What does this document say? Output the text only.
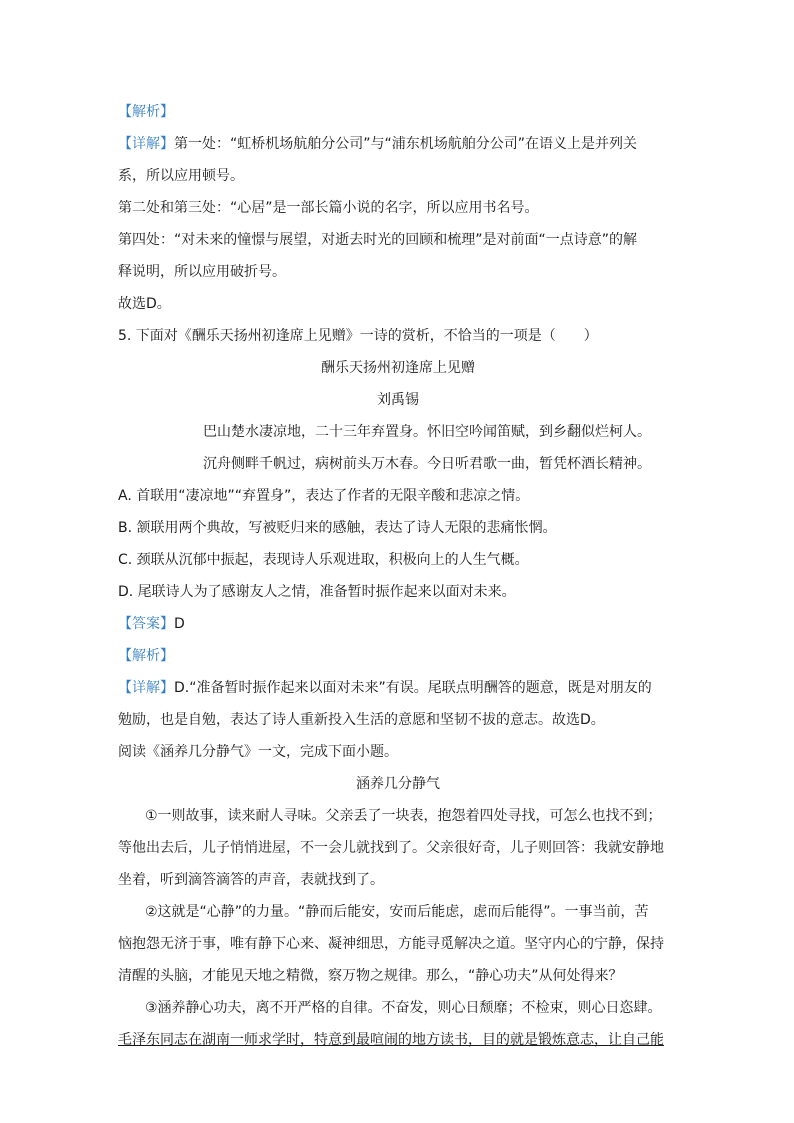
【解析】
【详解】第一处：“虹桥机场航舶分公司”与“浦东机场航舶分公司”在语义上是并列关
系，所以应用顿号。
第二处和第三处：“心居”是一部长篇小说的名字，所以应用书名号。
第四处：“对未来的憧憬与展望，对逝去时光的回顾和梳理”是对前面“一点诗意”的解
释说明，所以应用破折号。
故选D。
5. 下面对《酬乐天扬州初逢席上见赠》一诗的赏析，不恰当的一项是（　　）
酬乐天扬州初逢席上见赠
刘禹锡
巴山楚水凄凉地，二十三年弃置身。怀旧空吟闻笛赋，到乡翻似烂柯人。
沉舟侧畔千帆过，病树前头万木春。今日听君歌一曲，暂凭杯酒长精神。
A. 首联用“凄凉地”“弃置身”，表达了作者的无限辛酸和悲凉之情。
B. 颔联用两个典故，写被贬归来的感触，表达了诗人无限的悲痛怅惘。
C. 颈联从沉郁中振起，表现诗人乐观进取，积极向上的人生气概。
D. 尾联诗人为了感谢友人之情，准备暂时振作起来以面对未来。
【答案】D
【解析】
【详解】D.“准备暂时振作起来以面对未来”有误。尾联点明酬答的题意，既是对朋友的
勉励，也是自勉，表达了诗人重新投入生活的意愿和坚韧不拔的意志。故选D。
阅读《涵养几分静气》一文，完成下面小题。
涵养几分静气
①一则故事，读来耐人寻味。父亲丢了一块表，抱怨着四处寻找，可怎么也找不到；
等他出去后，儿子悄悄进屋，不一会儿就找到了。父亲很好奇，儿子则回答：我就安静地
坐着，听到滴答滴答的声音，表就找到了。
②这就是“心静”的力量。“静而后能安，安而后能虑，虑而后能得”。一事当前，苦
恼抱怨无济于事，唯有静下心来、凝神细思，方能寻觅解决之道。坚守内心的宁静，保持
清醒的头脑，才能见天地之精微，察万物之规律。那么，“静心功夫”从何处得来？
③涵养静心功夫，离不开严格的自律。不奋发，则心日颓靡；不检束，则心日恣肆。
毛泽东同志在湖南一师求学时，特意到最喧闹的地方读书，目的就是锻炼意志，让自己能
